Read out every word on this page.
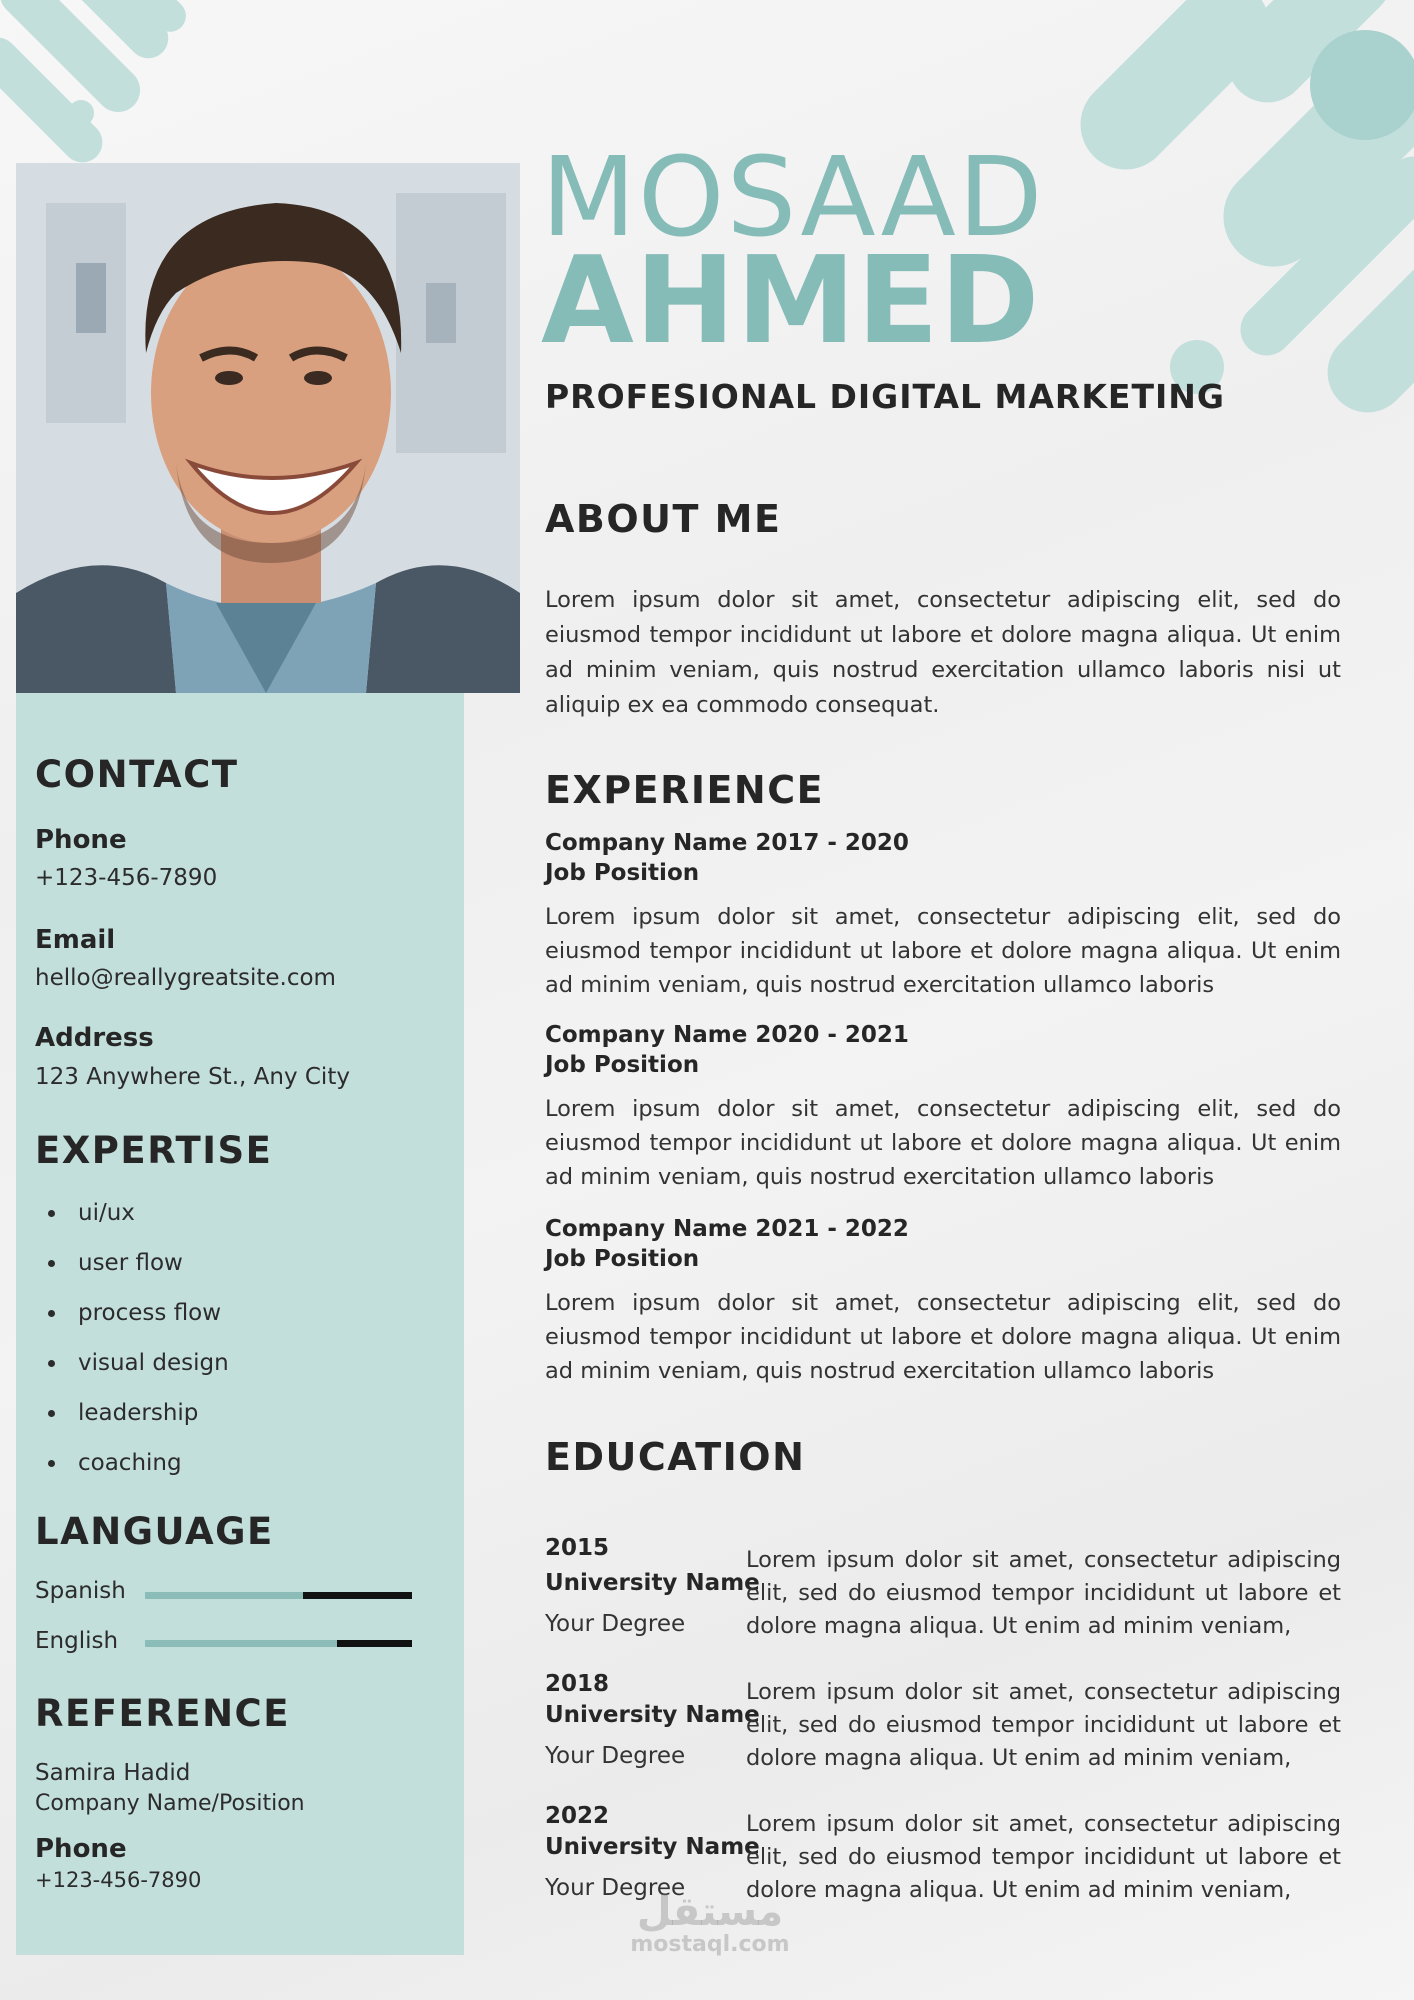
CONTACT
Phone
+123-456-7890
Email
hello@reallygreatsite.com
Address
123 Anywhere St., Any City
EXPERTISE
ui/ux
user flow
process flow
visual design
leadership
coaching
LANGUAGE
Spanish
English
REFERENCE
Samira Hadid
Company Name/Position
Phone
+123-456-7890
MOSAAD
AHMED
PROFESIONAL DIGITAL MARKETING
ABOUT ME
Lorem ipsum dolor sit amet, consectetur adipiscing elit, sed do eiusmod tempor incididunt ut labore et dolore magna aliqua. Ut enim ad minim veniam, quis nostrud exercitation ullamco laboris nisi ut aliquip ex ea commodo consequat.
EXPERIENCE
Company Name 2017 - 2020
Job Position
Lorem ipsum dolor sit amet, consectetur adipiscing elit, sed do eiusmod tempor incididunt ut labore et dolore magna aliqua. Ut enim ad minim veniam, quis nostrud exercitation ullamco laboris
Company Name 2020 - 2021
Job Position
Lorem ipsum dolor sit amet, consectetur adipiscing elit, sed do eiusmod tempor incididunt ut labore et dolore magna aliqua. Ut enim ad minim veniam, quis nostrud exercitation ullamco laboris
Company Name 2021 - 2022
Job Position
Lorem ipsum dolor sit amet, consectetur adipiscing elit, sed do eiusmod tempor incididunt ut labore et dolore magna aliqua. Ut enim ad minim veniam, quis nostrud exercitation ullamco laboris
EDUCATION
2015
University Name
Your Degree
Lorem ipsum dolor sit amet, consectetur adipiscing elit, sed do eiusmod tempor incididunt ut labore et dolore magna aliqua. Ut enim ad minim veniam,
2018
University Name
Your Degree
Lorem ipsum dolor sit amet, consectetur adipiscing elit, sed do eiusmod tempor incididunt ut labore et dolore magna aliqua. Ut enim ad minim veniam,
2022
University Name
Your Degree
Lorem ipsum dolor sit amet, consectetur adipiscing elit, sed do eiusmod tempor incididunt ut labore et dolore magna aliqua. Ut enim ad minim veniam,
مستقل
mostaql.com
